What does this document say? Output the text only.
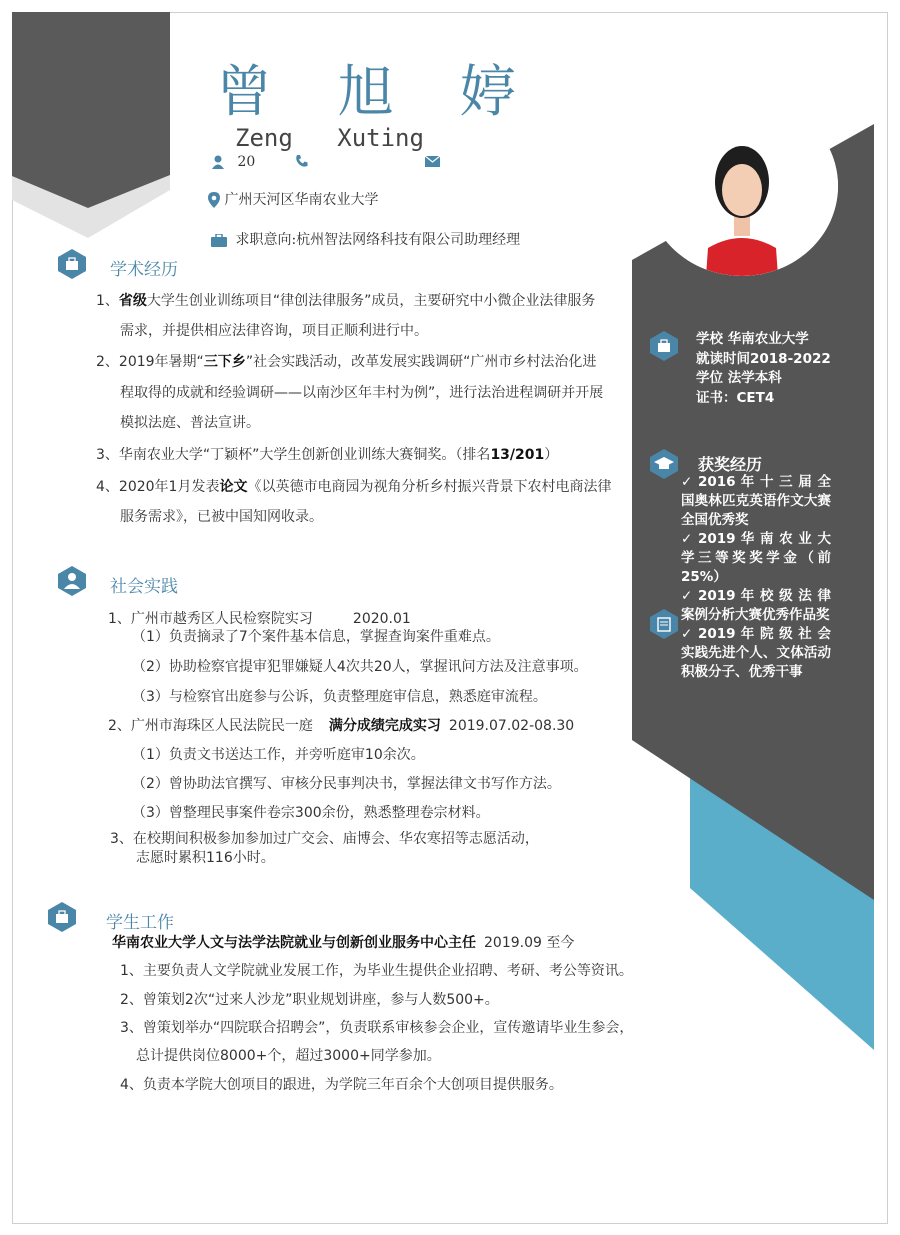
曾 旭 婷
Zeng Xuting
20
广州天河区华南农业大学
求职意向:杭州智法网络科技有限公司助理经理
学术经历
1、省级大学生创业训练项目“律创法律服务”成员，主要研究中小微企业法律服务
需求，并提供相应法律咨询，项目正顺利进行中。
2、2019年暑期“三下乡”社会实践活动，改革发展实践调研“广州市乡村法治化进
程取得的成就和经验调研——以南沙区年丰村为例”，进行法治进程调研并开展
模拟法庭、普法宣讲。
3、华南农业大学“丁颖杯”大学生创新创业训练大赛铜奖。（排名13/201）
4、2020年1月发表论文《以英德市电商园为视角分析乡村振兴背景下农村电商法律
服务需求》，已被中国知网收录。
社会实践
1、广州市越秀区人民检察院实习	2020.01
（1）负责摘录了7个案件基本信息，掌握查询案件重难点。
（2）协助检察官提审犯罪嫌疑人4次共20人，掌握讯问方法及注意事项。
（3）与检察官出庭参与公诉，负责整理庭审信息，熟悉庭审流程。
2、广州市海珠区人民法院民一庭 满分成绩完成实习 2019.07.02-08.30
（1）负责文书送达工作，并旁听庭审10余次。
（2）曾协助法官撰写、审核分民事判决书，掌握法律文书写作方法。
（3）曾整理民事案件卷宗300余份，熟悉整理卷宗材料。
3、在校期间积极参加参加过广交会、庙博会、华农寒招等志愿活动，
志愿时累积116小时。
学生工作
华南农业大学人文与法学法院就业与创新创业服务中心主任 2019.09 至今
1、主要负责人文学院就业发展工作，为毕业生提供企业招聘、考研、考公等资讯。
2、曾策划2次“过来人沙龙”职业规划讲座，参与人数500+。
3、曾策划举办“四院联合招聘会”，负责联系审核参会企业，宣传邀请毕业生参会，
总计提供岗位8000+个，超过3000+同学参加。
4、负责本学院大创项目的跟进，为学院三年百余个大创项目提供服务。
学校 华南农业大学
就读时间2018-2022
学位 法学本科
证书：CET4
获奖经历
✓ 2016 年 十 三 届 全国奥林匹克英语作文大赛全国优秀奖
✓ 2019 华 南 农 业 大学三等奖奖学金（前25%）
✓ 2019 年 校 级 法 律案例分析大赛优秀作品奖
✓ 2019 年 院 级 社 会实践先进个人、文体活动积极分子、优秀干事
